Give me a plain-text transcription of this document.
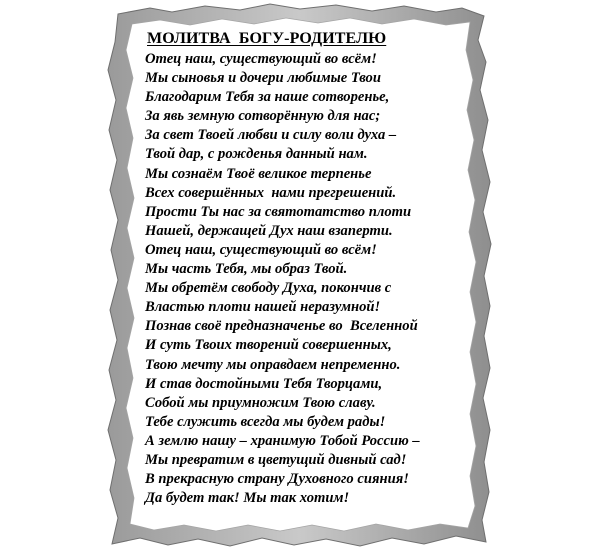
МОЛИТВА  БОГУ-РОДИТЕЛЮ
Отец наш, существующий во всём!
Мы сыновья и дочери любимые Твои
Благодарим Тебя за наше сотворенье,
За явь земную сотворённую для нас;
За свет Твоей любви и силу воли духа –
Твой дар, с рожденья данный нам.
Мы сознаём Твоё великое терпенье
Всех совершённых  нами прегрешений.
Прости Ты нас за святотатство плоти
Нашей, держащей Дух наш взаперти.
Отец наш, существующий во всём!
Мы часть Тебя, мы образ Твой.
Мы обретём свободу Духа, покончив с
Властью плоти нашей неразумной!
Познав своё предназначенье во  Вселенной
И суть Твоих творений совершенных,
Твою мечту мы оправдаем непременно.
И став достойными Тебя Творцами,
Собой мы приумножим Твою славу.
Тебе служить всегда мы будем рады!
А землю нашу – хранимую Тобой Россию –
Мы превратим в цветущий дивный сад!
В прекрасную страну Духовного сияния!
Да будет так! Мы так хотим!
